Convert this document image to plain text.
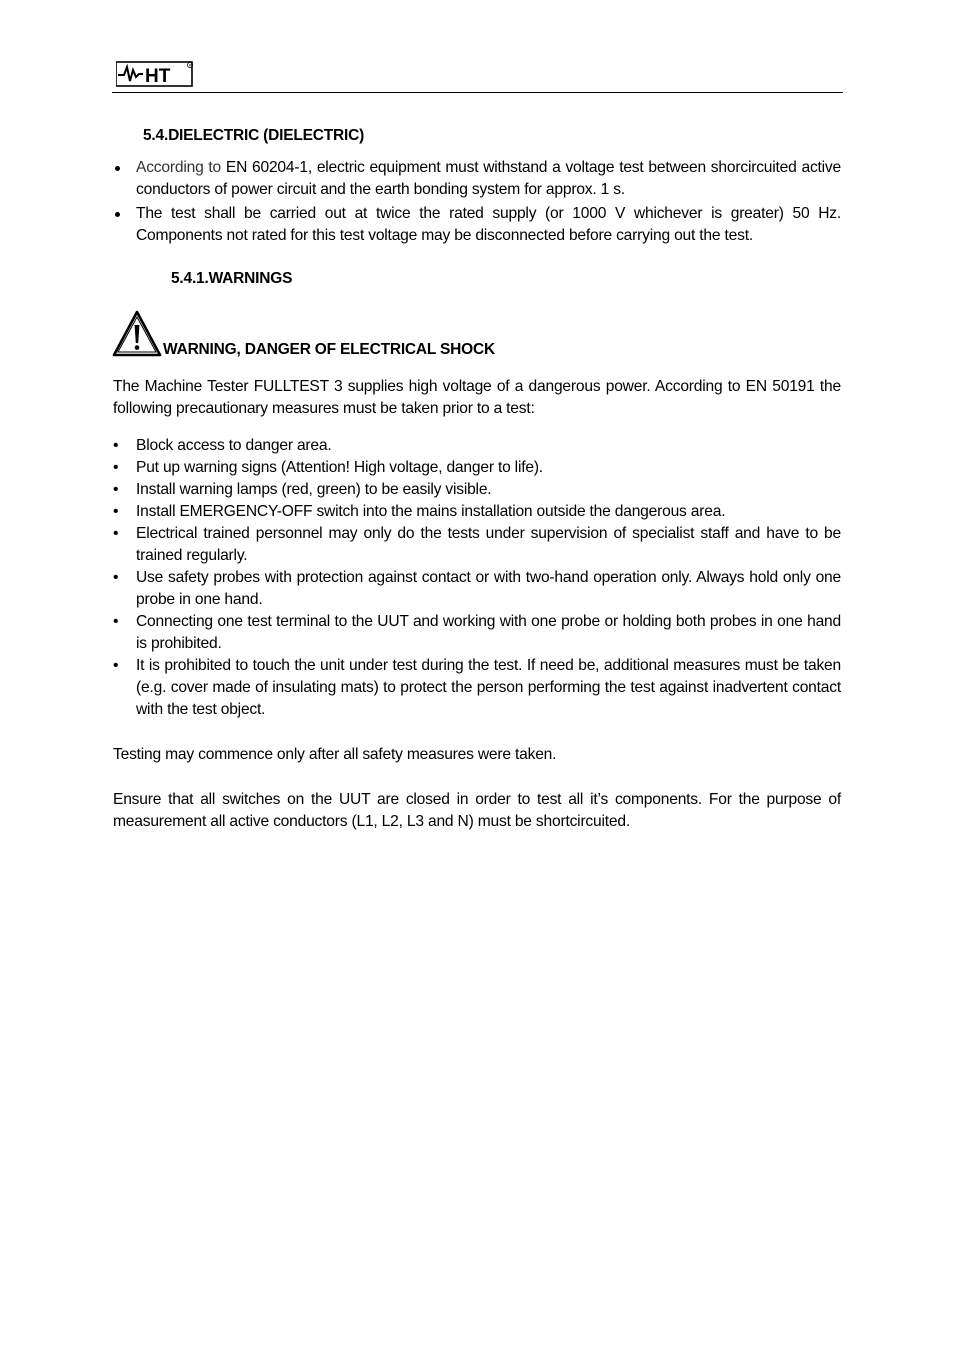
HT
R
5.4.DIELECTRIC (DIELECTRIC)
According to EN 60204-1, electric equipment must withstand a voltage test between shorcircuited active conductors of power circuit and the earth bonding system for approx. 1 s.
The test shall be carried out at twice the rated supply (or 1000 V whichever is greater) 50 Hz. Components not rated for this test voltage may be disconnected before carrying out the test.
5.4.1.WARNINGS
WARNING, DANGER OF ELECTRICAL SHOCK
The Machine Tester FULLTEST 3 supplies high voltage of a dangerous power. According to EN 50191 the following precautionary measures must be taken prior to a test:
•	Block access to danger area.
•	Put up warning signs (Attention! High voltage, danger to life).
•	Install warning lamps (red, green) to be easily visible.
•	Install EMERGENCY-OFF switch into the mains installation outside the dangerous area.
•	Electrical trained personnel may only do the tests under supervision of specialist staff and have to be trained regularly.
•	Use safety probes with protection against contact or with two-hand operation only. Always hold only one probe in one hand.
•	Connecting one test terminal to the UUT and working with one probe or holding both probes in one hand is prohibited.
•	It is prohibited to touch the unit under test during the test. If need be, additional measures must be taken (e.g. cover made of insulating mats) to protect the person performing the test against inadvertent contact with the test object.
Testing may commence only after all safety measures were taken.
Ensure that all switches on the UUT are closed in order to test all it’s components. For the purpose of measurement all active conductors (L1, L2, L3 and N) must be shortcircuited.
